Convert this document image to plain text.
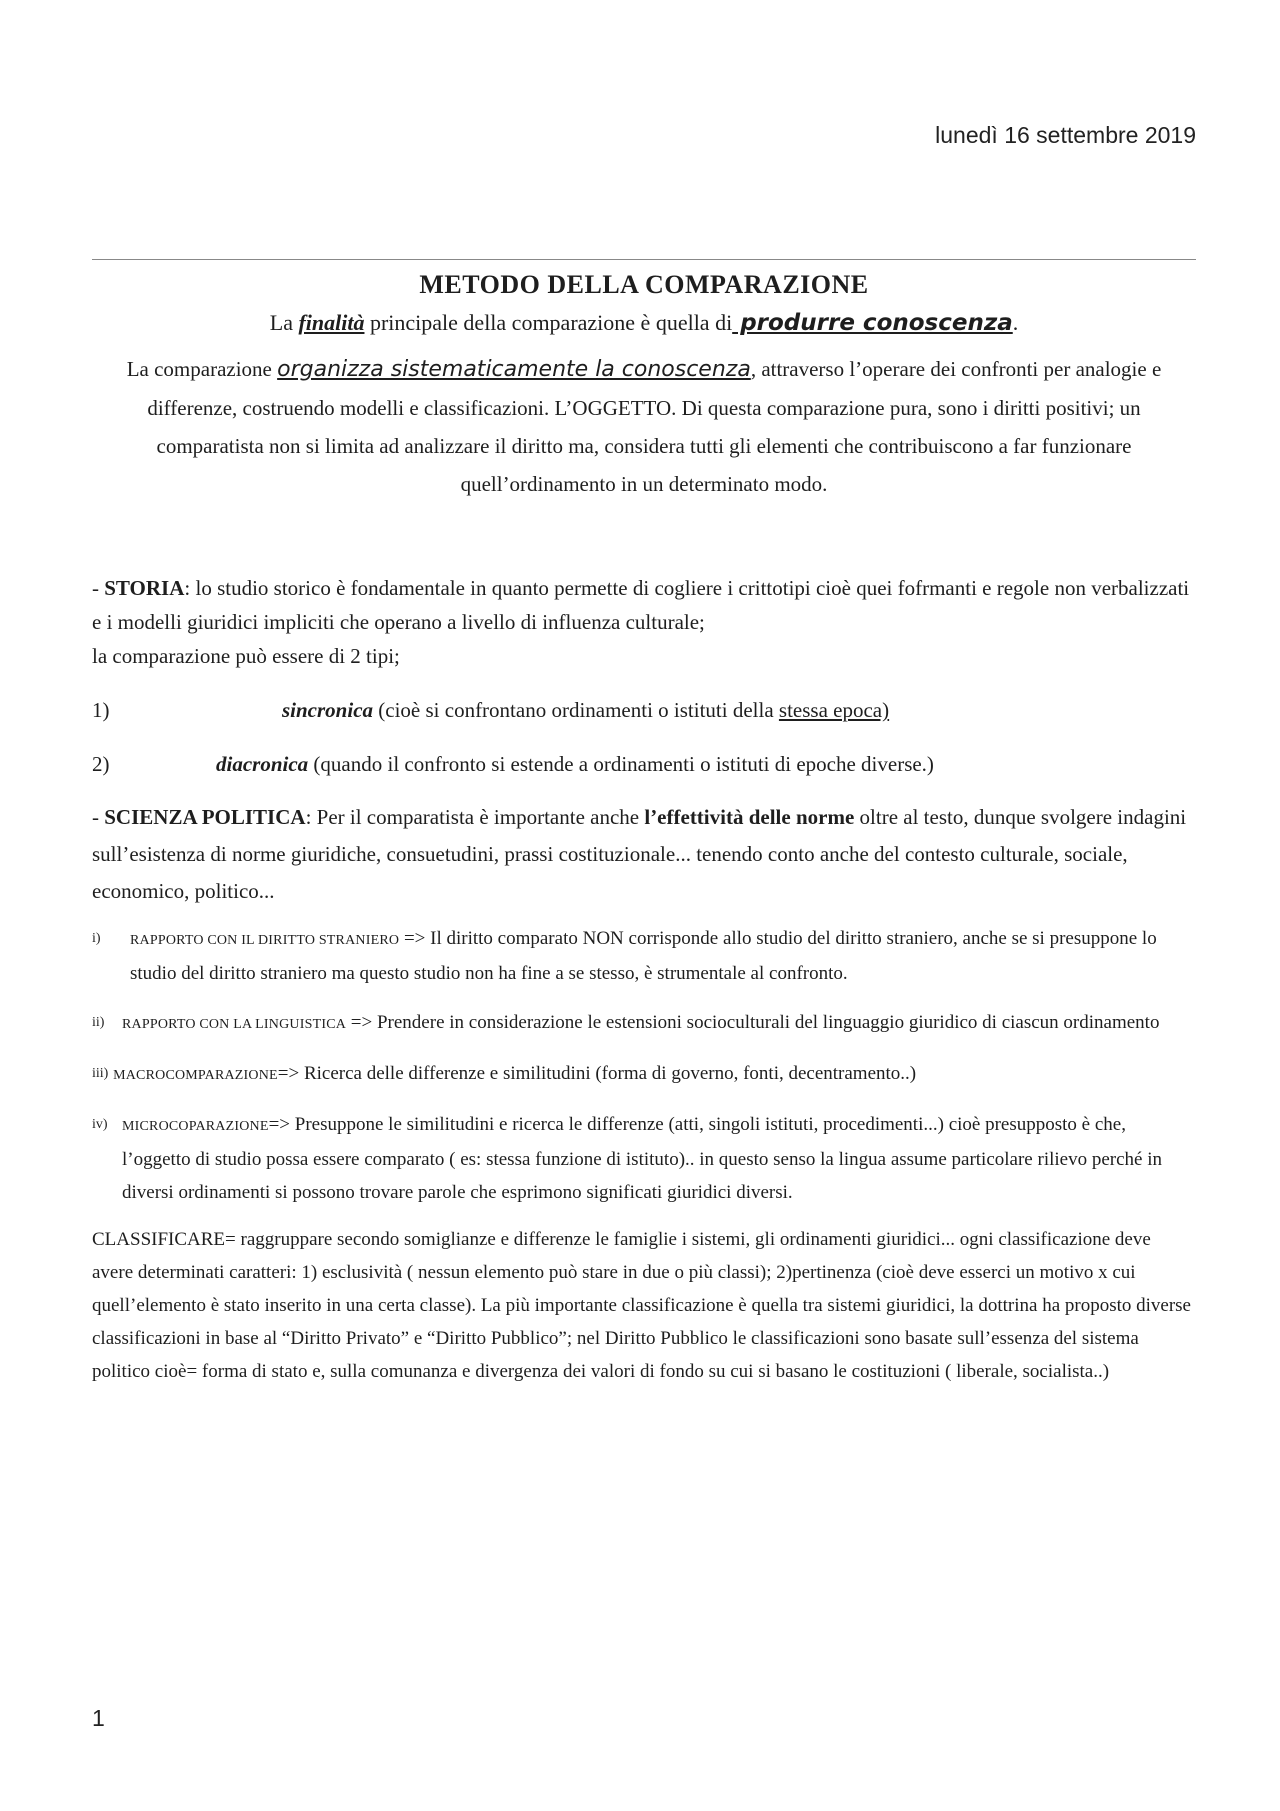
lunedì 16 settembre 2019
METODO DELLA COMPARAZIONE

La finalità principale della comparazione è quella di produrre conoscenza.

La comparazione organizza sistematicamente la conoscenza, attraverso l’operare dei confronti per analogie e differenze, costruendo modelli e classificazioni. L’OGGETTO. Di questa comparazione pura, sono i diritti positivi; un comparatista non si limita ad analizzare il diritto ma, considera tutti gli elementi che contribuiscono a far funzionare quell’ordinamento in un determinato modo.

- STORIA: lo studio storico è fondamentale in quanto permette di cogliere i crittotipi cioè quei fofrmanti e regole non verbalizzati e i modelli giuridici impliciti che operano a livello di influenza culturale;
la comparazione può essere di 2 tipi;

1)	sincronica (cioè si confrontano ordinamenti o istituti della stessa epoca)
2)	diacronica (quando il confronto si estende a ordinamenti o istituti di epoche diverse.)

- SCIENZA POLITICA: Per il comparatista è importante anche l’effettività delle norme oltre al testo, dunque svolgere indagini sull’esistenza di norme giuridiche, consuetudini, prassi costituzionale... tenendo conto anche del contesto culturale, sociale, economico, politico...

i)	RAPPORTO CON IL DIRITTO STRANIERO => Il diritto comparato NON corrisponde allo studio del diritto straniero, anche se si presuppone lo studio del diritto straniero ma questo studio non ha fine a se stesso, è strumentale al confronto.
ii)	RAPPORTO CON LA LINGUISTICA => Prendere in considerazione le estensioni socioculturali del linguaggio giuridico di ciascun ordinamento
iii) MACROCOMPARAZIONE=> Ricerca delle differenze e similitudini (forma di governo, fonti, decentramento..)
iv)	MICROCOPARAZIONE=> Presuppone le similitudini e ricerca le differenze (atti, singoli istituti, procedimenti...) cioè presupposto è che, l’oggetto di studio possa essere comparato ( es: stessa funzione di istituto).. in questo senso la lingua assume particolare rilievo perché in diversi ordinamenti si possono trovare parole che esprimono significati giuridici diversi.

CLASSIFICARE= raggruppare secondo somiglianze e differenze le famiglie i sistemi, gli ordinamenti giuridici... ogni classificazione deve avere determinati caratteri: 1) esclusività ( nessun elemento può stare in due o più classi); 2)pertinenza (cioè deve esserci un motivo x cui quell’elemento è stato inserito in una certa classe). La più importante classificazione è quella tra sistemi giuridici, la dottrina ha proposto diverse classificazioni in base al “Diritto Privato” e “Diritto Pubblico”; nel Diritto Pubblico le classificazioni sono basate sull’essenza del sistema politico cioè= forma di stato e, sulla comunanza e divergenza dei valori di fondo su cui si basano le costituzioni ( liberale, socialista..)

1
